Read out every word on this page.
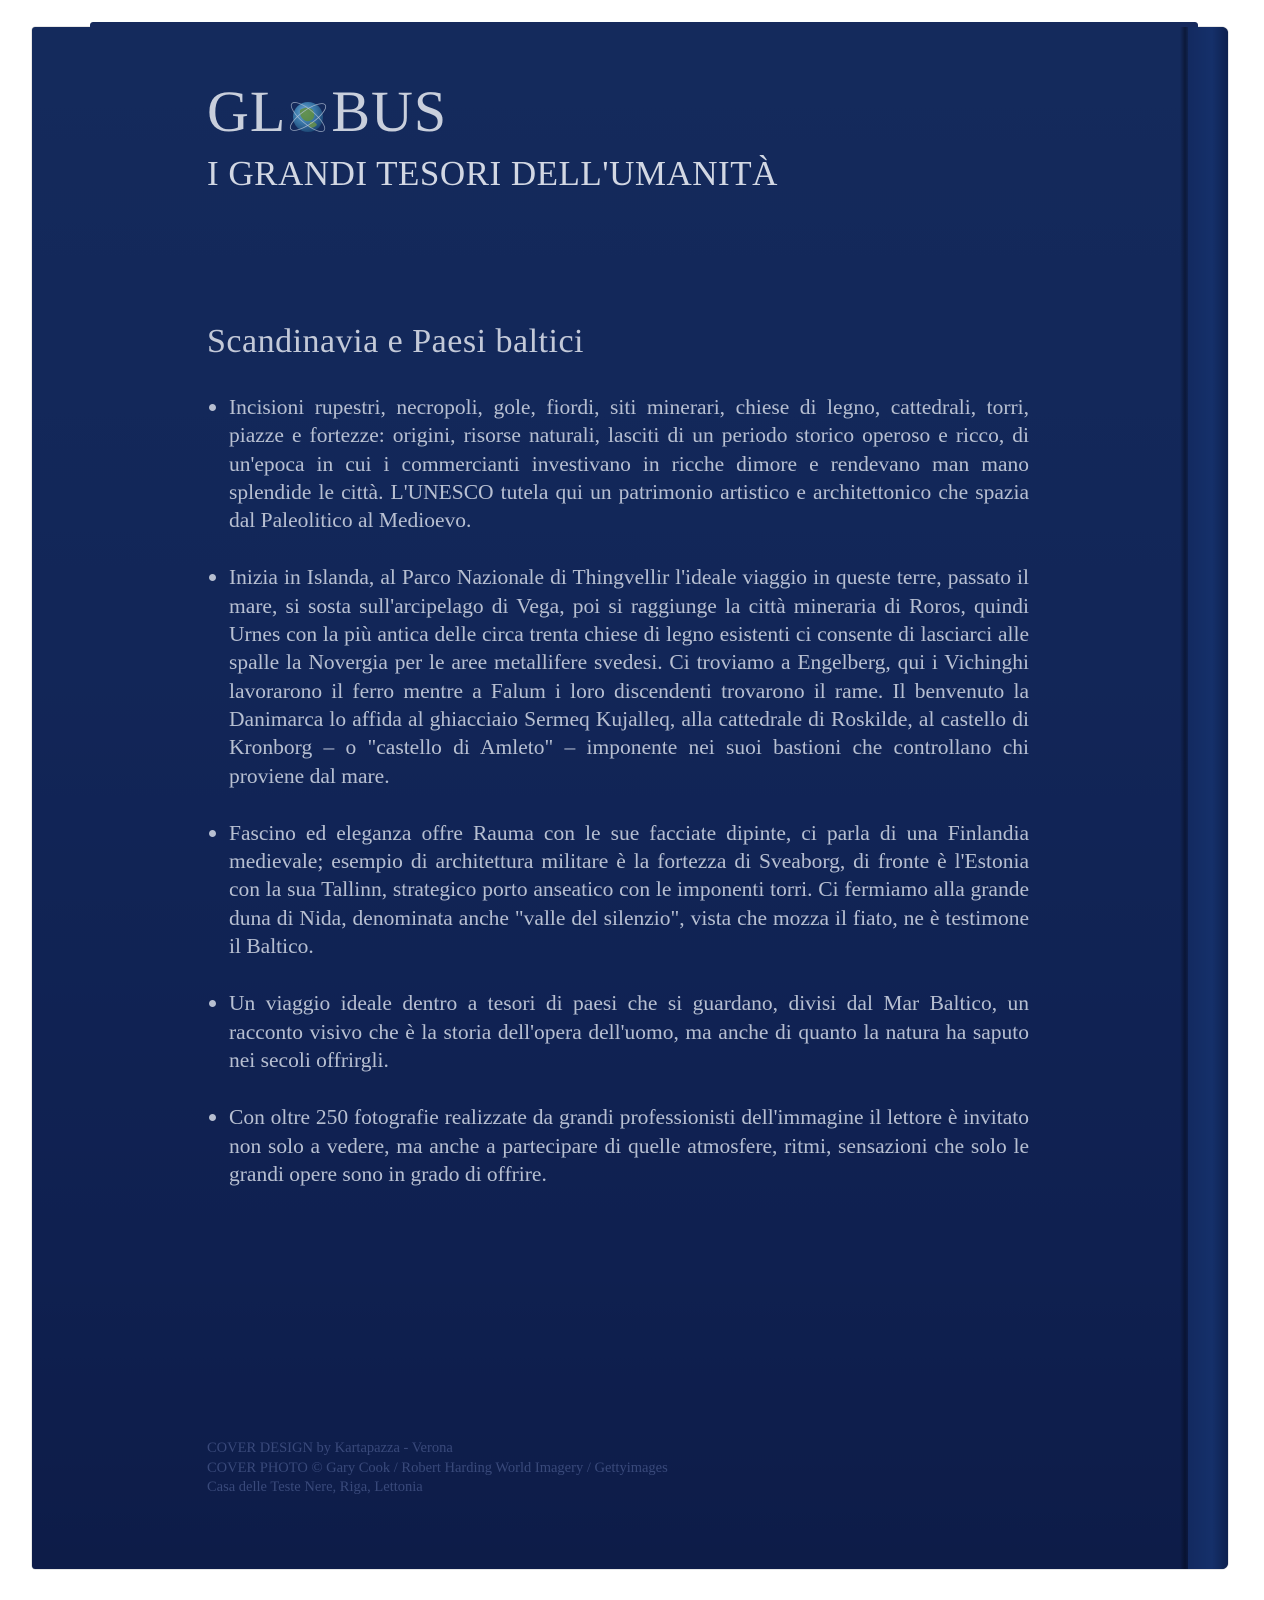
GL BUS
I GRANDI TESORI DELL'UMANITÀ
Scandinavia e Paesi baltici
Incisioni rupestri, necropoli, gole, fiordi, siti minerari, chiese di legno, cattedrali, torri, piazze e fortezze: origini, risorse naturali, lasciti di un periodo storico operoso e ricco, di un'epoca in cui i commercianti investivano in ricche dimore e rendevano man mano splendide le città. L'UNESCO tutela qui un patrimonio artistico e architettonico che spazia dal Paleolitico al Medioevo.
Inizia in Islanda, al Parco Nazionale di Thingvellir l'ideale viaggio in queste terre, passato il mare, si sosta sull'arcipelago di Vega, poi si raggiunge la città mineraria di Roros, quindi Urnes con la più antica delle circa trenta chiese di legno esistenti ci consente di lasciarci alle spalle la Novergia per le aree metallifere svedesi. Ci troviamo a Engelberg, qui i Vichinghi lavorarono il ferro mentre a Falum i loro discendenti trovarono il rame. Il benvenuto la Danimarca lo affida al ghiacciaio Sermeq Kujalleq, alla cattedrale di Roskilde, al castello di Kronborg – o "castello di Amleto" – imponente nei suoi bastioni che controllano chi proviene dal mare.
Fascino ed eleganza offre Rauma con le sue facciate dipinte, ci parla di una Finlandia medievale; esempio di architettura militare è la fortezza di Sveaborg, di fronte è l'Estonia con la sua Tallinn, strategico porto anseatico con le imponenti torri. Ci fermiamo alla grande duna di Nida, denominata anche "valle del silenzio", vista che mozza il fiato, ne è testimone il Baltico.
Un viaggio ideale dentro a tesori di paesi che si guardano, divisi dal Mar Baltico, un racconto visivo che è la storia dell'opera dell'uomo, ma anche di quanto la natura ha saputo nei secoli offrirgli.
Con oltre 250 fotografie realizzate da grandi professionisti dell'immagine il lettore è invitato non solo a vedere, ma anche a partecipare di quelle atmosfere, ritmi, sensazioni che solo le grandi opere sono in grado di offrire.
COVER DESIGN by Kartapazza - Verona
COVER PHOTO © Gary Cook / Robert Harding World Imagery / Gettyimages
Casa delle Teste Nere, Riga, Lettonia
